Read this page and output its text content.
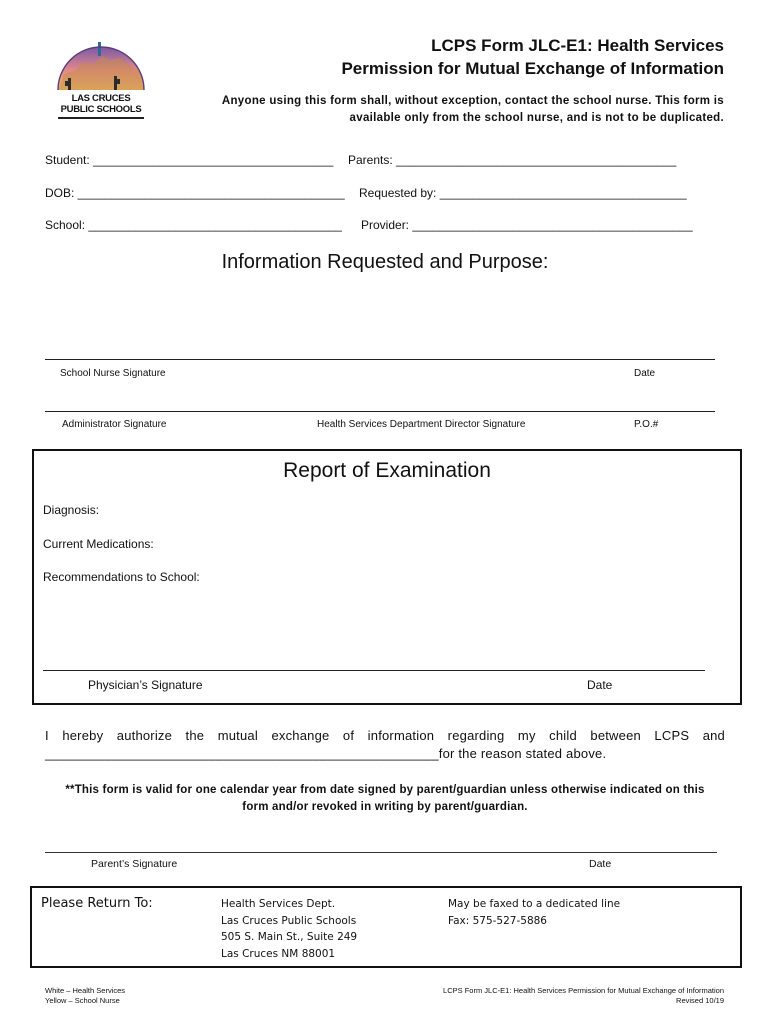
LAS CRUCES
PUBLIC SCHOOLS
LCPS Form JLC-E1: Health Services
Permission for Mutual Exchange of Information
Anyone using this form shall, without exception, contact the school nurse. This form is
available only from the school nurse, and is not to be duplicated.
Student: ____________________________________ Parents: __________________________________________
DOB: ________________________________________ Requested by: _____________________________________
School: ______________________________________ Provider: __________________________________________
Information Requested and Purpose:
School Nurse Signature	Date
Administrator Signature	Health Services Department Director Signature	P.O.#
Report of Examination
Diagnosis:
Current Medications:
Recommendations to School:
Physician’s Signature	Date
I hereby authorize the mutual exchange of information regarding my child between LCPS and
_____________________________________________________for the reason stated above.
**This form is valid for one calendar year from date signed by parent/guardian unless otherwise indicated on this
form and/or revoked in writing by parent/guardian.
Parent’s Signature	Date
Please Return To:	Health Services Dept.
Las Cruces Public Schools
505 S. Main St., Suite 249
Las Cruces NM 88001
May be faxed to a dedicated line
Fax: 575-527-5886
White – Health Services
Yellow – School Nurse
LCPS Form JLC-E1: Health Services Permission for Mutual Exchange of Information
Revised 10/19
